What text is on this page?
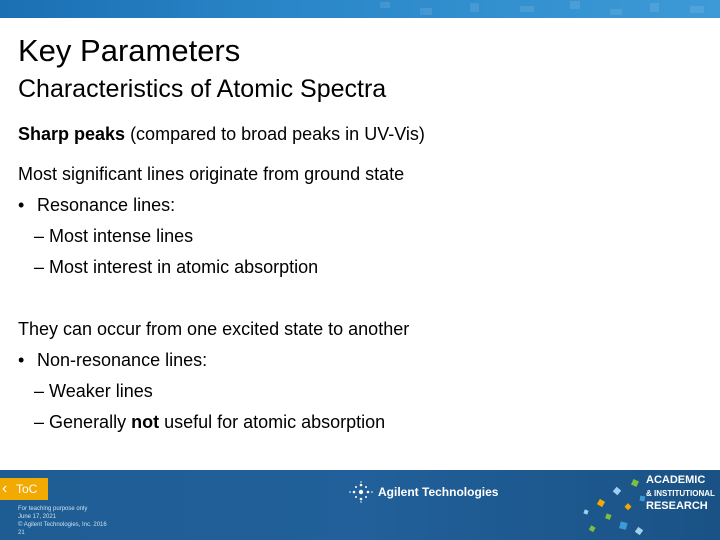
Key Parameters
Characteristics of Atomic Spectra
Sharp peaks (compared to broad peaks in UV-Vis)
Most significant lines originate from ground state
• Resonance lines:
– Most intense lines
– Most interest in atomic absorption
They can occur from one excited state to another
• Non-resonance lines:
– Weaker lines
– Generally not useful for atomic absorption
‹ ToC
For teaching purpose only
June 17, 2021
© Agilent Technologies, Inc. 2016
21
Agilent Technologies
ACADEMIC
& INSTITUTIONAL
RESEARCH
